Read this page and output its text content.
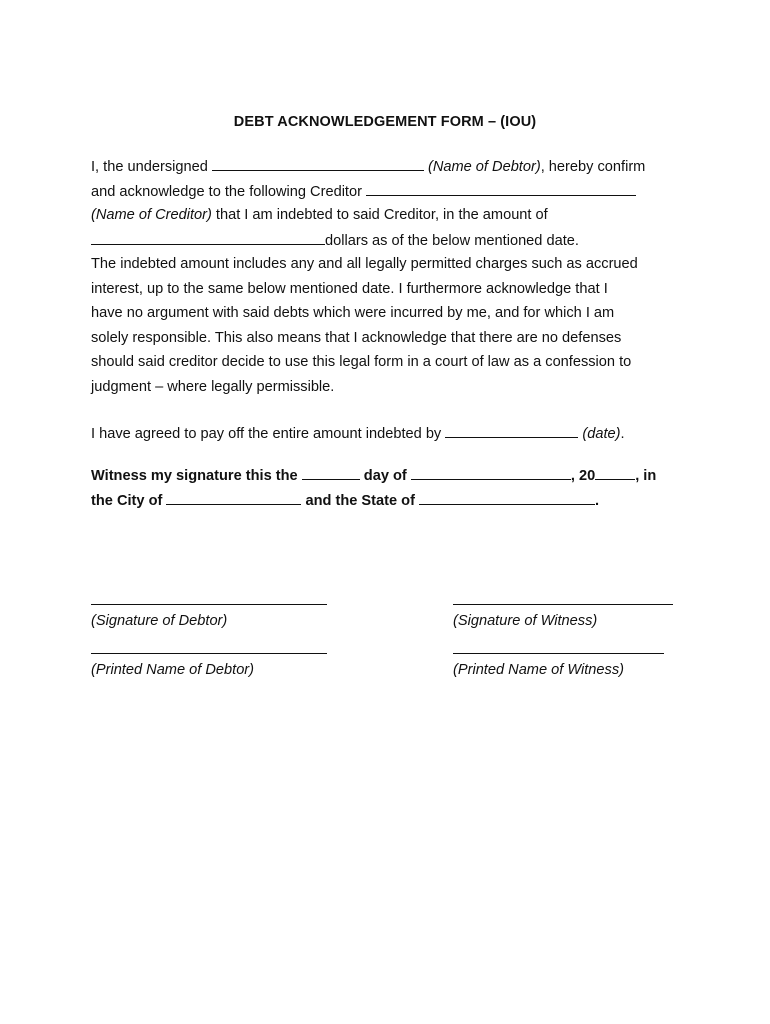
DEBT ACKNOWLEDGEMENT FORM – (IOU)
I, the undersigned	(Name of Debtor), hereby confirm
and acknowledge to the following Creditor
(Name of Creditor) that I am indebted to said Creditor, in the amount of
dollars as of the below mentioned date.
The indebted amount includes any and all legally permitted charges such as accrued
interest, up to the same below mentioned date. I furthermore acknowledge that I
have no argument with said debts which were incurred by me, and for which I am
solely responsible. This also means that I acknowledge that there are no defenses
should said creditor decide to use this legal form in a court of law as a confession to
judgment – where legally permissible.
I have agreed to pay off the entire amount indebted by	(date).
Witness my signature this the	day of	, 20	, in
the City of	and the State of	.
(Signature of Debtor)	(Signature of Witness)
(Printed Name of Debtor)	(Printed Name of Witness)
